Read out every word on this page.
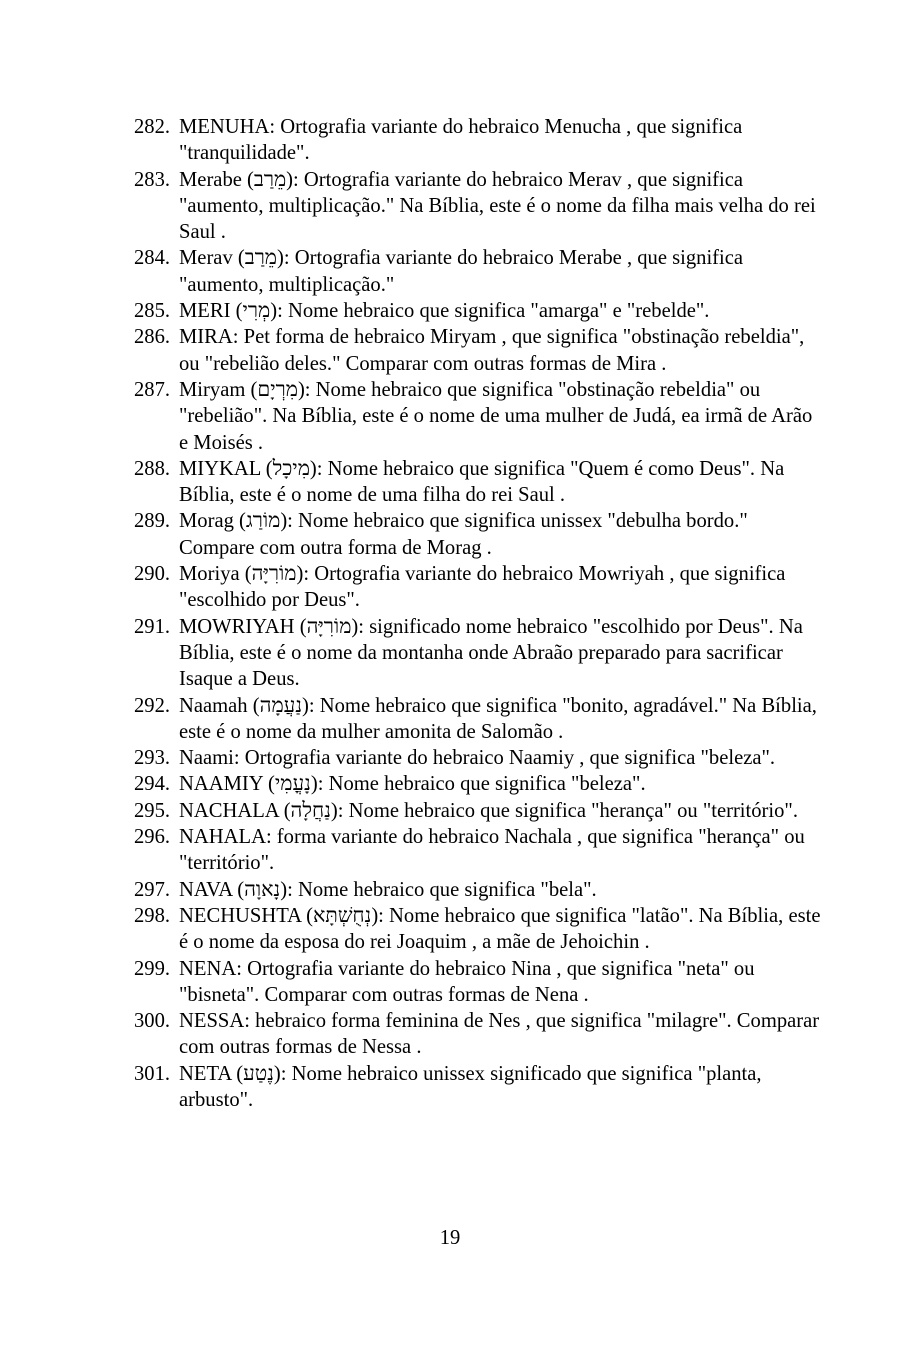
282. MENUHA: Ortografia variante do hebraico Menucha , que significa "tranquilidade".
283. Merabe (מֵרַב): Ortografia variante do hebraico Merav , que significa "aumento, multiplicação." Na Bíblia, este é o nome da filha mais velha do rei Saul .
284. Merav (מֵרַב): Ortografia variante do hebraico Merabe , que significa "aumento, multiplicação."
285. MERI (מְרִי): Nome hebraico que significa "amarga" e "rebelde".
286. MIRA: Pet forma de hebraico Miryam , que significa "obstinação rebeldia", ou "rebelião deles." Comparar com outras formas de Mira .
287. Miryam (מִרְיָם): Nome hebraico que significa "obstinação rebeldia" ou "rebelião". Na Bíblia, este é o nome de uma mulher de Judá, ea irmã de Arão e Moisés .
288. MIYKAL (מִיכָל): Nome hebraico que significa "Quem é como Deus". Na Bíblia, este é o nome de uma filha do rei Saul .
289. Morag (מוֹרַג): Nome hebraico que significa unissex "debulha bordo." Compare com outra forma de Morag .
290. Moriya (מוֹרִיָּה): Ortografia variante do hebraico Mowriyah , que significa "escolhido por Deus".
291. MOWRIYAH (מוֹרִיָּה): significado nome hebraico "escolhido por Deus". Na Bíblia, este é o nome da montanha onde Abraão preparado para sacrificar Isaque a Deus.
292. Naamah (נַעֲמָה): Nome hebraico que significa "bonito, agradável." Na Bíblia, este é o nome da mulher amonita de Salomão .
293. Naami: Ortografia variante do hebraico Naamiy , que significa "beleza".
294. NAAMIY (נָעֳמִי): Nome hebraico que significa "beleza".
295. NACHALA (נַחֲלָה): Nome hebraico que significa "herança" ou "território".
296. NAHALA: forma variante do hebraico Nachala , que significa "herança" ou "território".
297. NAVA (נָאוָה): Nome hebraico que significa "bela".
298. NECHUSHTA (נְחֻשְׁתָּא): Nome hebraico que significa "latão". Na Bíblia, este é o nome da esposa do rei Joaquim , a mãe de Jehoichin .
299. NENA: Ortografia variante do hebraico Nina , que significa "neta" ou "bisneta". Comparar com outras formas de Nena .
300. NESSA: hebraico forma feminina de Nes , que significa "milagre". Comparar com outras formas de Nessa .
301. NETA (נֶטַע): Nome hebraico unissex significado que significa "planta, arbusto".
19
